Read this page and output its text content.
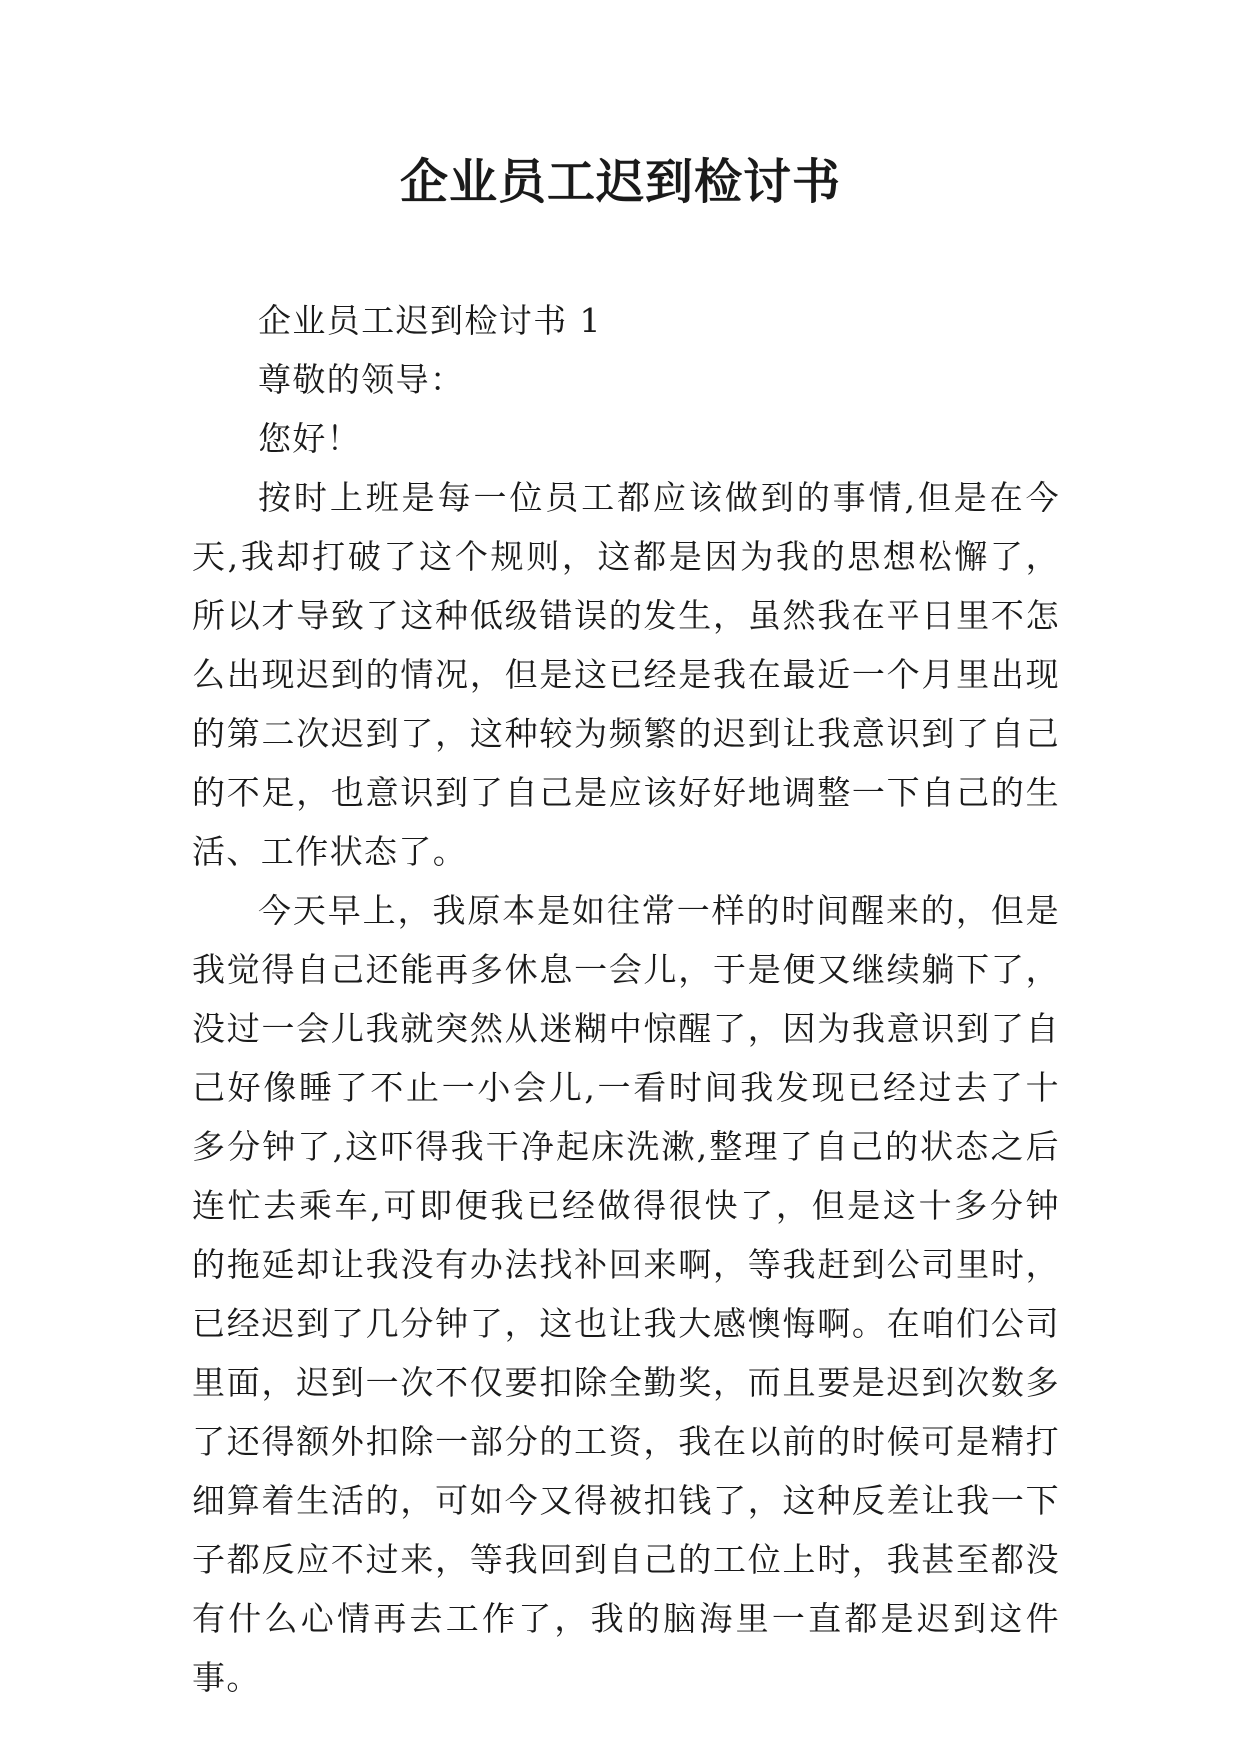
企业员工迟到检讨书

企业员工迟到检讨书 1

尊敬的领导：

您好！

按时上班是每一位员工都应该做到的事情,但是在今天,我却打破了这个规则，这都是因为我的思想松懈了，所以才导致了这种低级错误的发生，虽然我在平日里不怎么出现迟到的情况，但是这已经是我在最近一个月里出现的第二次迟到了，这种较为频繁的迟到让我意识到了自己的不足，也意识到了自己是应该好好地调整一下自己的生活、工作状态了。

今天早上，我原本是如往常一样的时间醒来的，但是我觉得自己还能再多休息一会儿，于是便又继续躺下了，没过一会儿我就突然从迷糊中惊醒了，因为我意识到了自己好像睡了不止一小会儿,一看时间我发现已经过去了十多分钟了,这吓得我干净起床洗漱,整理了自己的状态之后连忙去乘车,可即便我已经做得很快了，但是这十多分钟的拖延却让我没有办法找补回来啊，等我赶到公司里时，已经迟到了几分钟了，这也让我大感懊悔啊。在咱们公司里面，迟到一次不仅要扣除全勤奖，而且要是迟到次数多了还得额外扣除一部分的工资，我在以前的时候可是精打细算着生活的，可如今又得被扣钱了，这种反差让我一下子都反应不过来，等我回到自己的工位上时，我甚至都没有什么心情再去工作了，我的脑海里一直都是迟到这件事。
